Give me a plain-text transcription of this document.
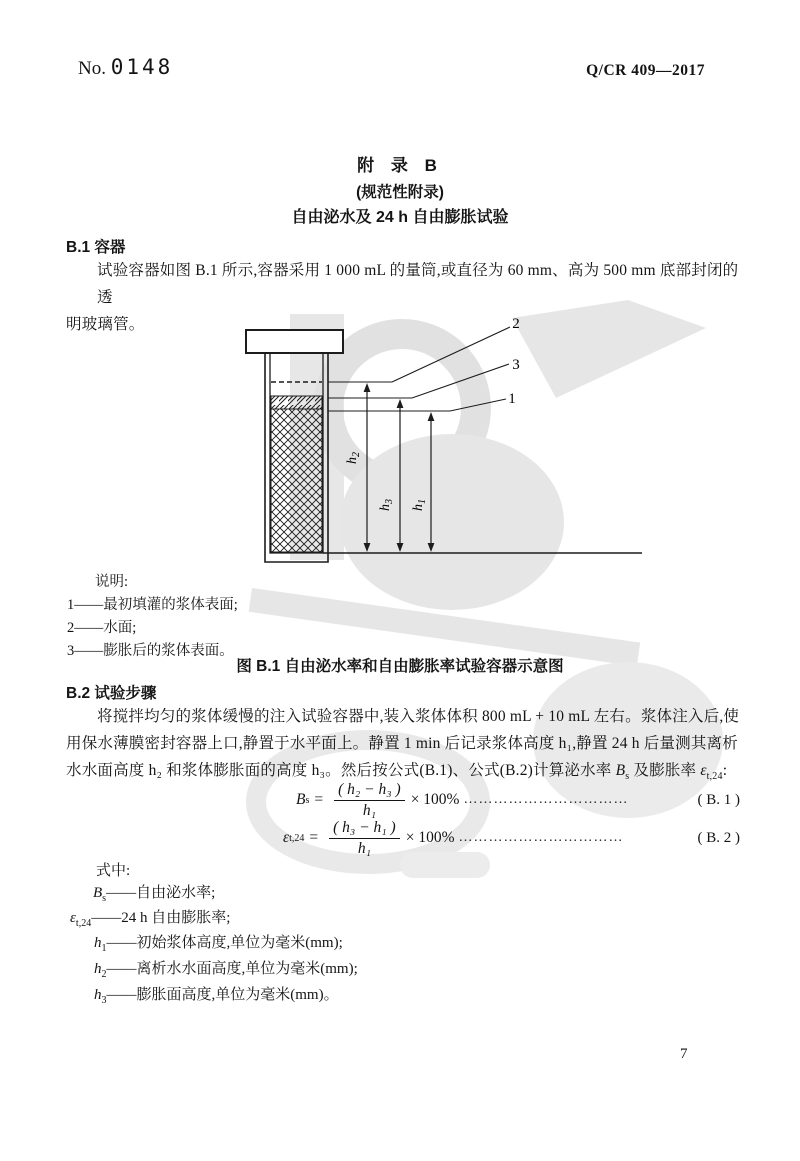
No. 0148	Q/CR 409—2017
附 录 B
(规范性附录)
自由泌水及 24 h 自由膨胀试验
B.1 容器
试验容器如图 B.1 所示,容器采用 1 000 mL 的量筒,或直径为 60 mm、高为 500 mm 底部封闭的透
明玻璃管。
$h_2$
$h_3$
$h_1$
2
3
1
说明:
1——最初填灌的浆体表面;
2——水面;
3——膨胀后的浆体表面。
图 B.1 自由泌水率和自由膨胀率试验容器示意图
B.2 试验步骤
将搅拌均匀的浆体缓慢的注入试验容器中,装入浆体体积 800 mL + 10 mL 左右。浆体注入后,使
用保水薄膜密封容器上口,静置于水平面上。静置 1 min 后记录浆体高度 h₁,静置 24 h 后量测其离析
水水面高度 h₂ 和浆体膨胀面的高度 h₃。然后按公式(B.1)、公式(B.2)计算泌水率 $B_s$ 及膨胀率 $\varepsilon_{t,24}$:
B $s = \frac{\text{( h₂ − h₃ )}}{\text{h₁}} \times 100\%$ ……………………………	( B. 1 )
ε $t,24 = \frac{\text{( h₃ − h₁ )}}{\text{h₁}} \times 100\%$ ……………………………	( B. 2 )
式中:
$B_s——$自由泌水率;
$\varepsilon_{t,24}——24$ h 自由膨胀率;
$h_1——$初始浆体高度,单位为毫米(mm);
$h_2——$离析水水面高度,单位为毫米(mm);
$h_3——$膨胀面高度,单位为毫米(mm)。
7
